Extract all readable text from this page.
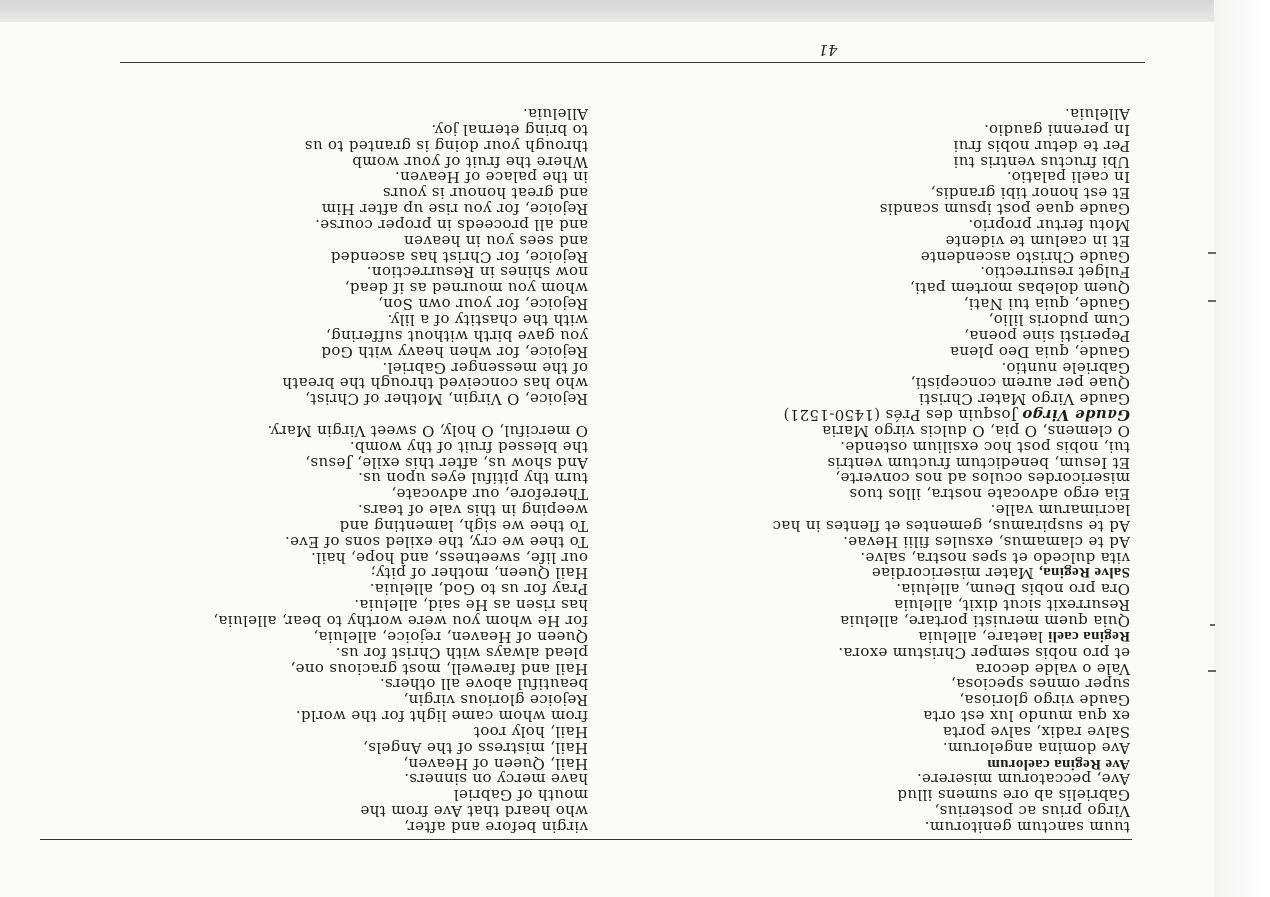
41
tuum sanctum genitorum.
Virgo prius ac posterius,
Gabrielis ab ore sumens illud
Ave, peccatorum miserere.
Ave Regina caelorum
Ave domina angelorum.
Salve radix, salve porta
ex qua mundo lux est orta
Gaude virgo gloriosa,
super omnes speciosa,
Vale o valde decora
et pro nobis semper Christum exora.
Regina caeli laetare, alleluia
Quia quem meruisti portare, alleluia
Resurrexit sicut dixit, alleluia
Ora pro nobis Deum, alleluia.
Salve Regina, Mater misericordiae
vita dulcedo et spes nostra, salve.
Ad te clamamus, exsules filii Hevae.
Ad te suspiramus, gementes et flentes in hac
lacrimarum valle.
Eia ergo advocate nostra, illos tuos
misericordes oculos ad nos converte,
Et Iesum, benedictum fructum ventris
tui, nobis post hoc exsilium ostende.
O clemens, O pia, O dulcis virgo Maria
Gaude Virgo Josquin des Prés (1450-1521)
Gaude Virgo Mater Christi
Quae per aurem concepisti,
Gabriele nuntio.
Gaude, quia Deo plena
Peperisti sine poena,
Cum pudoris lilio,
Gaude, quia tui Nati,
Quem dolebas mortem pati,
Fulget resurrectio.
Gaude Christo ascendente
Et in caelum te vidente
Motu fertur proprio.
Gaude quae post ipsum scandis
Et est honor tibi grandis,
In caeli palatio.
Ubi fructus ventris tui
Per te detur nobis frui
In perenni gaudio.
Alleluia.
virgin before and after,
who heard that Ave from the
mouth of Gabriel
have mercy on sinners.
Hail, Queen of Heaven,
Hail, mistress of the Angels,
Hail, holy root
from whom came light for the world.
Rejoice glorious virgin,
beautiful above all others.
Hail and farewell, most gracious one,
plead always with Christ for us.
Queen of Heaven, rejoice, alleluia,
for He whom you were worthy to bear, alleluia,
has risen as He said, alleluia.
Pray for us to God, alleluia.
Hail Queen, mother of pity;
our life, sweetness, and hope, hail.
To thee we cry, the exiled sons of Eve.
To thee we sigh, lamenting and
weeping in this vale of tears.
Therefore, our advocate,
turn thy pitiful eyes upon us.
And show us, after this exile, Jesus,
the blessed fruit of thy womb.
O merciful, O holy, O sweet Virgin Mary.
Rejoice, O Virgin, Mother of Christ,
who has conceived through the breath
of the messenger Gabriel.
Rejoice, for when heavy with God
you gave birth without suffering,
with the chastity of a lily.
Rejoice, for your own Son,
whom you mourned as if dead,
now shines in Resurrection.
Rejoice, for Christ has ascended
and sees you in heaven
and all proceeds in proper course.
Rejoice, for you rise up after Him
and great honour is yours
in the palace of Heaven.
Where the fruit of your womb
through your doing is granted to us
to bring eternal joy.
Alleluia.
